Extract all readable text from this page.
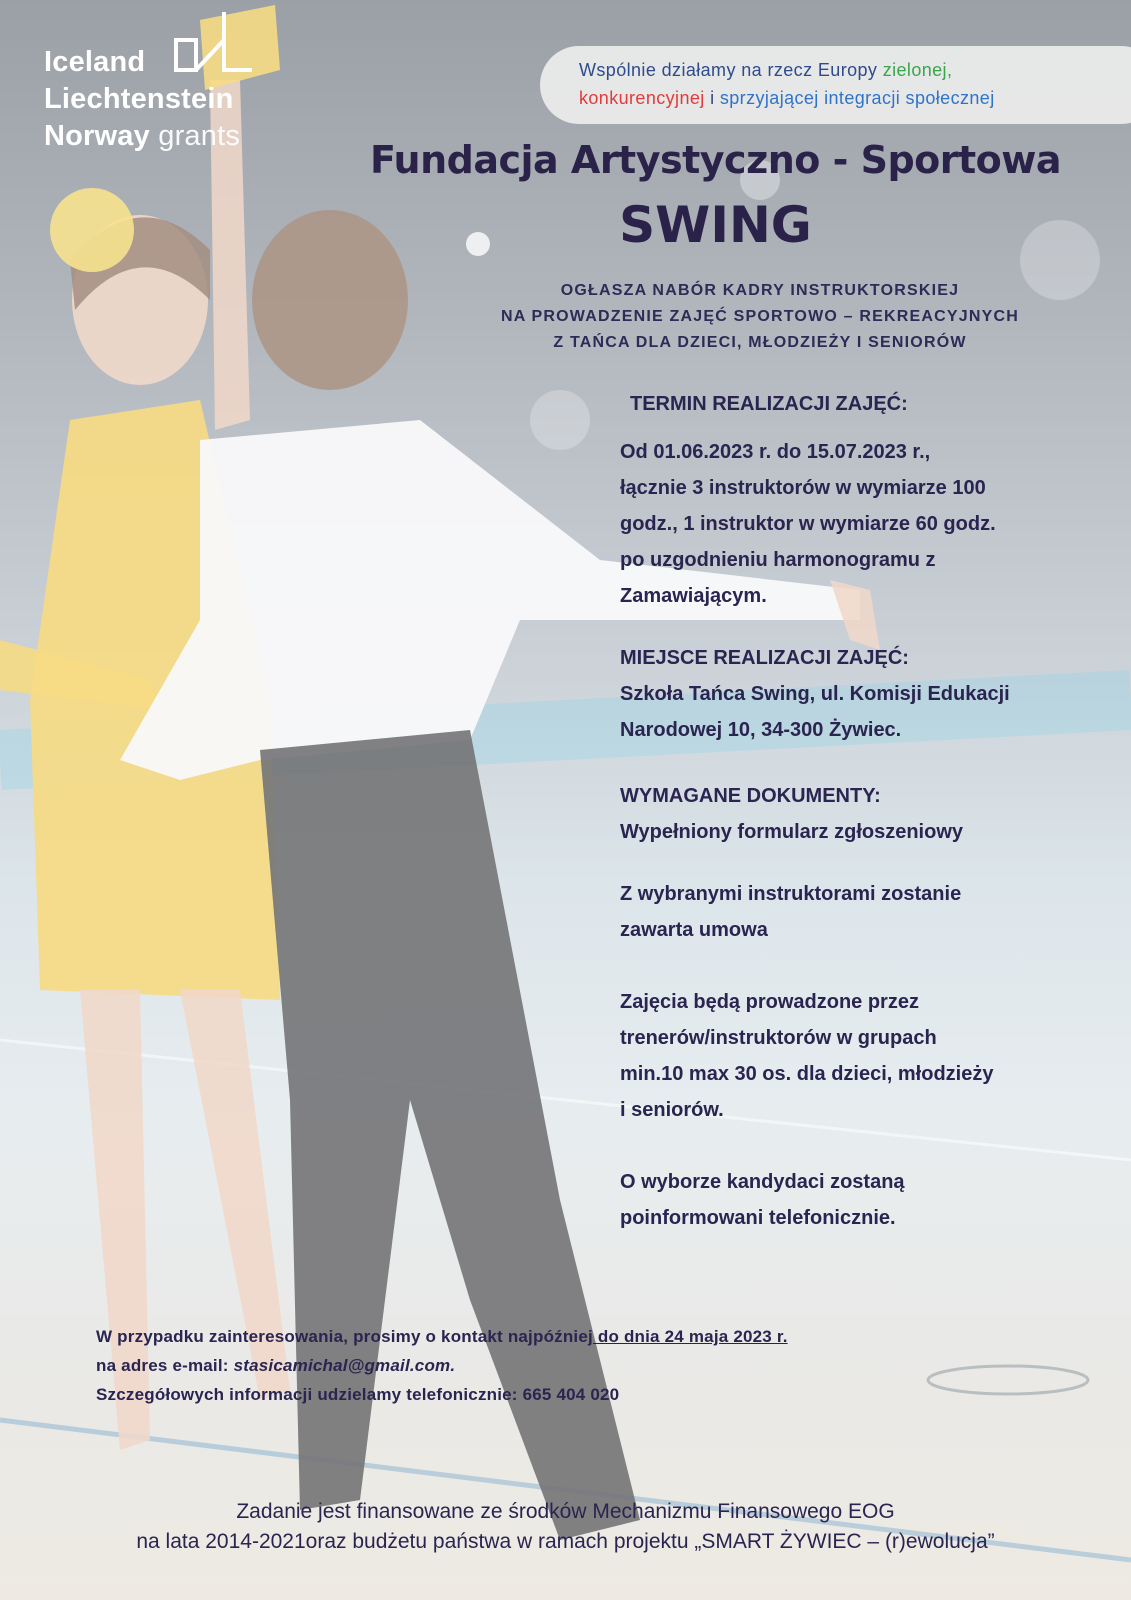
Iceland
Liechtenstein
Norway grants
Wspólnie działamy na rzecz Europy zielonej,
konkurencyjnej i sprzyjającej integracji społecznej
Fundacja Artystyczno - Sportowa
SWING
OGŁASZA NABÓR KADRY INSTRUKTORSKIEJ
NA PROWADZENIE ZAJĘĆ SPORTOWO – REKREACYJNYCH
Z TAŃCA DLA DZIECI, MŁODZIEŻY I SENIORÓW
TERMIN REALIZACJI ZAJĘĆ:
Od 01.06.2023 r. do 15.07.2023 r.,
łącznie 3 instruktorów w wymiarze 100
godz., 1 instruktor w wymiarze 60 godz.
po uzgodnieniu harmonogramu z
Zamawiającym.
MIEJSCE REALIZACJI ZAJĘĆ:
Szkoła Tańca Swing, ul. Komisji Edukacji
Narodowej 10, 34-300 Żywiec.
WYMAGANE DOKUMENTY:
Wypełniony formularz zgłoszeniowy
Z wybranymi instruktorami zostanie
zawarta umowa
Zajęcia będą prowadzone przez
trenerów/instruktorów w grupach
min.10 max 30 os. dla dzieci, młodzieży
i seniorów.
O wyborze kandydaci zostaną
poinformowani telefonicznie.
W przypadku zainteresowania, prosimy o kontakt najpóźniej do dnia 24 maja 2023 r.
na adres e-mail: stasicamichal@gmail.com.
Szczegółowych informacji udzielamy telefonicznie: 665 404 020
Zadanie jest finansowane ze środków Mechanizmu Finansowego EOG
na lata 2014-2021oraz budżetu państwa w ramach projektu „SMART ŻYWIEC – (r)ewolucja”
